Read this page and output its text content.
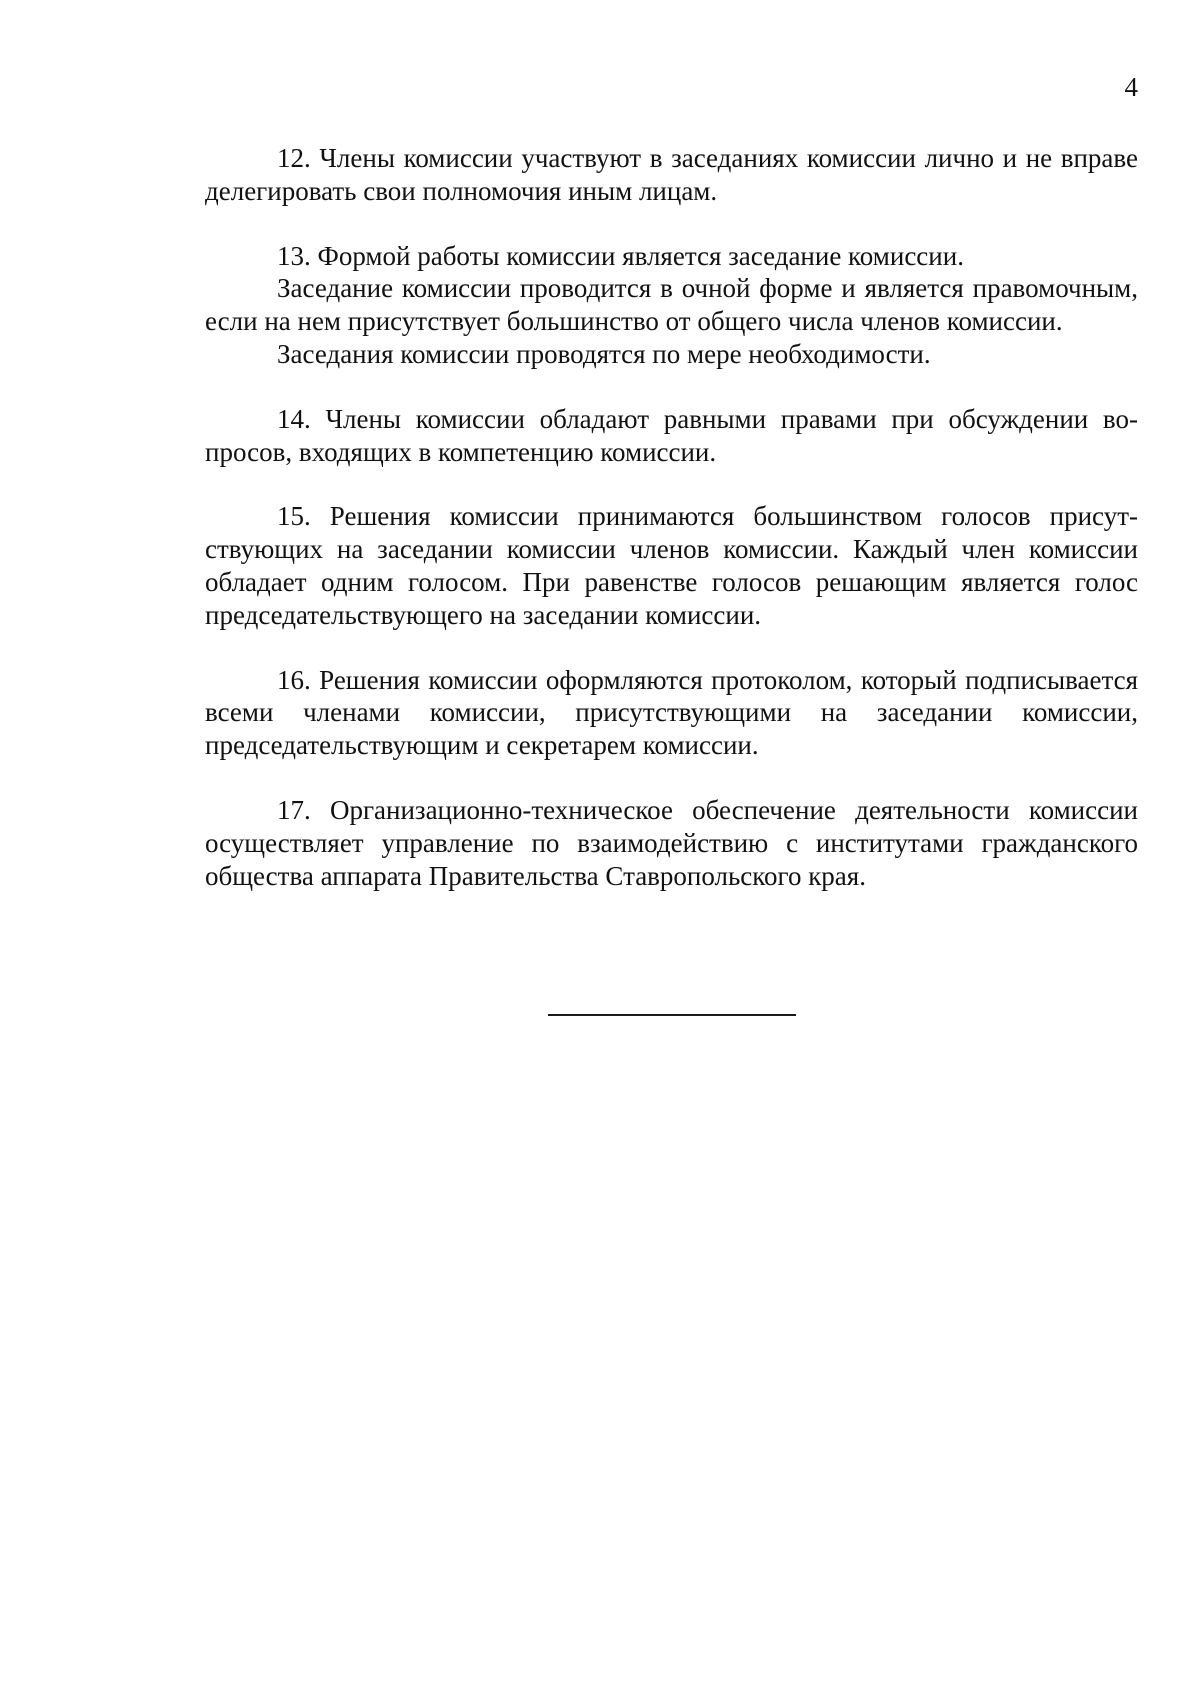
4

12. Члены комиссии участвуют в заседаниях комиссии лично и не вправе делегировать свои полномочия иным лицам.

13. Формой работы комиссии является заседание комиссии.

Заседание комиссии проводится в очной форме и является правомочным, если на нем присутствует большинство от общего числа членов комиссии.

Заседания комиссии проводятся по мере необходимости.

14. Члены комиссии обладают равными правами при обсуждении вопросов, входящих в компетенцию комиссии.

15. Решения комиссии принимаются большинством голосов присутствующих на заседании комиссии членов комиссии. Каждый член комиссии обладает одним голосом. При равенстве голосов решающим является голос председательствующего на заседании комиссии.

16. Решения комиссии оформляются протоколом, который подписывается всеми членами комиссии, присутствующими на заседании комиссии, председательствующим и секретарем комиссии.

17. Организационно-техническое обеспечение деятельности комиссии осуществляет управление по взаимодействию с институтами гражданского общества аппарата Правительства Ставропольского края.
